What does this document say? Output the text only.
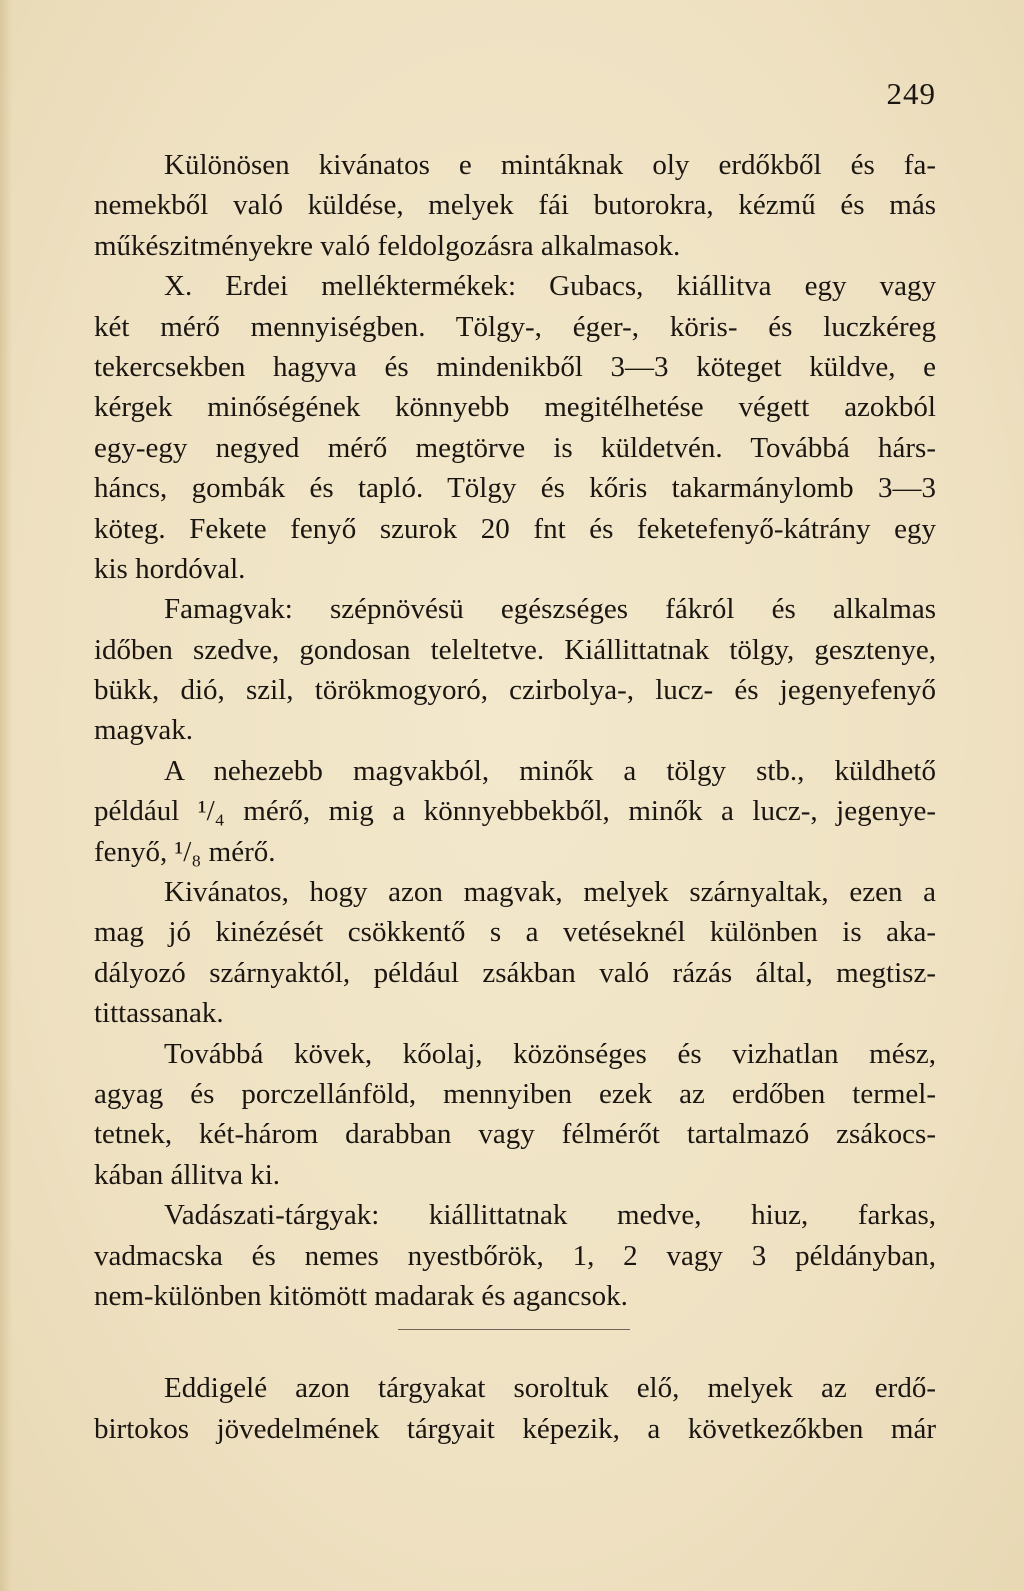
249
Különösen kivánatos e mintáknak oly erdőkből és fa-
nemekből való küldése, melyek fái butorokra, kézmű és más
műkészitményekre való feldolgozásra alkalmasok.
X. Erdei melléktermékek: Gubacs, kiállitva egy vagy
két mérő mennyiségben. Tölgy-, éger-, köris- és luczkéreg
tekercsekben hagyva és mindenikből 3—3 köteget küldve, e
kérgek minőségének könnyebb megitélhetése végett azokból
egy-egy negyed mérő megtörve is küldetvén. Továbbá hárs-
háncs, gombák és tapló. Tölgy és kőris takarmánylomb 3—3
köteg. Fekete fenyő szurok 20 fnt és feketefenyő-kátrány egy
kis hordóval.
Famagvak: szépnövésü egészséges fákról és alkalmas
időben szedve, gondosan teleltetve. Kiállittatnak tölgy, gesztenye,
bükk, dió, szil, törökmogyoró, czirbolya-, lucz- és jegenyefenyő
magvak.
A nehezebb magvakból, minők a tölgy stb., küldhető
például ¹/₄ mérő, mig a könnyebbekből, minők a lucz-, jegenye-
fenyő, ¹/₈ mérő.
Kivánatos, hogy azon magvak, melyek szárnyaltak, ezen a
mag jó kinézését csökkentő s a vetéseknél különben is aka-
dályozó szárnyaktól, például zsákban való rázás által, megtisz-
tittassanak.
Továbbá kövek, kőolaj, közönséges és vizhatlan mész,
agyag és porczellánföld, mennyiben ezek az erdőben termel-
tetnek, két-három darabban vagy félmérőt tartalmazó zsákocs-
kában állitva ki.
Vadászati-tárgyak: kiállittatnak medve, hiuz, farkas,
vadmacska és nemes nyestbőrök, 1, 2 vagy 3 példányban,
nem-különben kitömött madarak és agancsok.
Eddigelé azon tárgyakat soroltuk elő, melyek az erdő-
birtokos jövedelmének tárgyait képezik, a következőkben már
